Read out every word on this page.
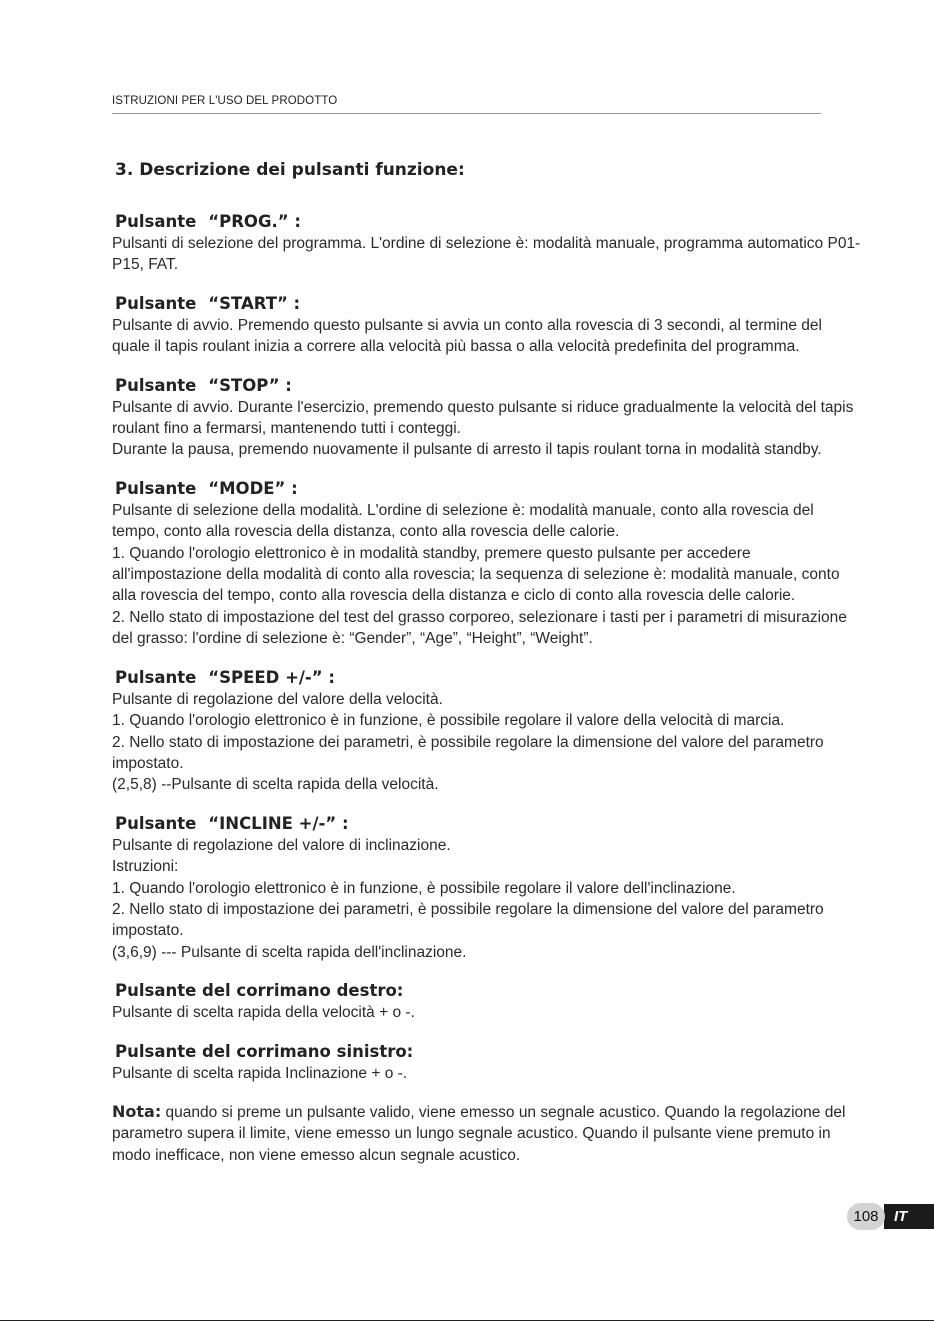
ISTRUZIONI PER L'USO DEL PRODOTTO
3. Descrizione dei pulsanti funzione:
Pulsante “PROG.” :

Pulsanti di selezione del programma. L'ordine di selezione è: modalità manuale, programma automatico P01-P15, FAT.

Pulsante “START” :

Pulsante di avvio. Premendo questo pulsante si avvia un conto alla rovescia di 3 secondi, al termine del quale il tapis roulant inizia a correre alla velocità più bassa o alla velocità predefinita del programma.

Pulsante “STOP” :

Pulsante di avvio. Durante l'esercizio, premendo questo pulsante si riduce gradualmente la velocità del tapis roulant fino a fermarsi, mantenendo tutti i conteggi.

Durante la pausa, premendo nuovamente il pulsante di arresto il tapis roulant torna in modalità standby.

Pulsante “MODE” :

Pulsante di selezione della modalità. L'ordine di selezione è: modalità manuale, conto alla rovescia del tempo, conto alla rovescia della distanza, conto alla rovescia delle calorie.

1. Quando l'orologio elettronico è in modalità standby, premere questo pulsante per accedere all'impostazione della modalità di conto alla rovescia; la sequenza di selezione è: modalità manuale, conto alla rovescia del tempo, conto alla rovescia della distanza e ciclo di conto alla rovescia delle calorie.

2. Nello stato di impostazione del test del grasso corporeo, selezionare i tasti per i parametri di misurazione del grasso: l'ordine di selezione è: “Gender”, “Age”, “Height”, “Weight”.

Pulsante “SPEED +/-” :

Pulsante di regolazione del valore della velocità.

1. Quando l'orologio elettronico è in funzione, è possibile regolare il valore della velocità di marcia.

2. Nello stato di impostazione dei parametri, è possibile regolare la dimensione del valore del parametro impostato.

(2,5,8) --Pulsante di scelta rapida della velocità.

Pulsante “INCLINE +/-” :

Pulsante di regolazione del valore di inclinazione.

Istruzioni:

1. Quando l'orologio elettronico è in funzione, è possibile regolare il valore dell'inclinazione.

2. Nello stato di impostazione dei parametri, è possibile regolare la dimensione del valore del parametro impostato.

(3,6,9) --- Pulsante di scelta rapida dell'inclinazione.

Pulsante del corrimano destro:

Pulsante di scelta rapida della velocità + o -.

Pulsante del corrimano sinistro:

Pulsante di scelta rapida Inclinazione + o -.

Nota: quando si preme un pulsante valido, viene emesso un segnale acustico. Quando la regolazione del parametro supera il limite, viene emesso un lungo segnale acustico. Quando il pulsante viene premuto in modo inefficace, non viene emesso alcun segnale acustico.
IT
108
